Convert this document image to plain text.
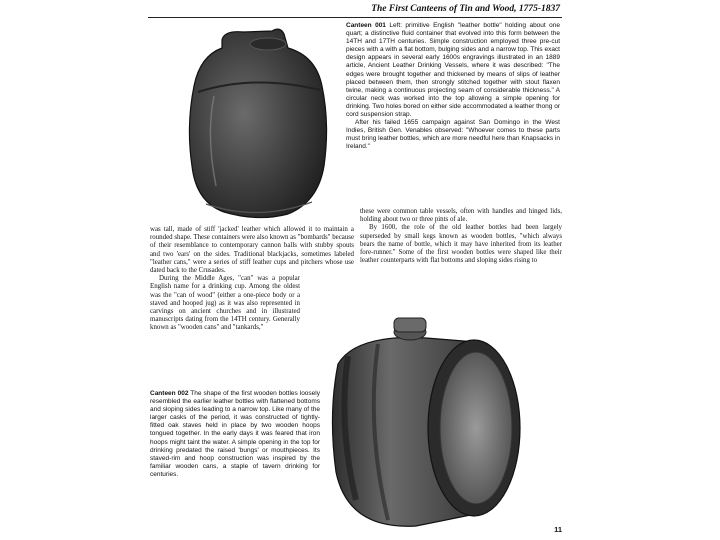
The First Canteens of Tin and Wood, 1775-1837

Canteen 001 Left: primitive English "leather bottle" holding about one quart; a distinctive fluid container that evolved into this form between the 14TH and 17TH centuries. Simple construction employed three pre-cut pieces with a with a flat bottom, bulging sides and a narrow top. This exact design appears in several early 1600s engravings illustrated in an 1889 article, Ancient Leather Drinking Vessels, where it was described: "The edges were brought together and thickened by means of slips of leather placed between them, then strongly stitched together with stout flaxen twine, making a continuous projecting seam of considerable thickness." A circular neck was worked into the top allowing a simple opening for drinking. Two holes bored on either side accommodated a leather thong or cord suspension strap.

After his failed 1655 campaign against San Domingo in the West Indies, British Gen. Venables observed: "Whoever comes to these parts must bring leather bottles, which are more needful here than Knapsacks in Ireland."

was tall, made of stiff 'jacked' leather which allowed it to maintain a rounded shape. These containers were also known as "bombards" because of their resemblance to contemporary cannon balls with stubby spouts and two 'ears' on the sides. Traditional blackjacks, sometimes labeled "leather cans," were a series of stiff leather cups and pitchers whose use dated back to the Crusades.

During the Middle Ages, "can" was a popular English name for a drinking cup. Among the oldest was the "can of wood" (either a one-piece body or a staved and hooped jug) as it was also represented in carvings on ancient churches and in illustrated manuscripts dating from the 14TH century. Generally known as "wooden cans" and "tankards,"

these were common table vessels, often with handles and hinged lids, holding about two or three pints of ale.

By 1600, the role of the old leather bottles had been largely superseded by small kegs known as wooden bottles, "which always bears the name of bottle, which it may have inherited from its leather fore-runner." Some of the first wooden bottles were shaped like their leather counterparts with flat bottoms and sloping sides rising to

Canteen 002 The shape of the first wooden bottles loosely resembled the earlier leather bottles with flattened bottoms and sloping sides leading to a narrow top. Like many of the larger casks of the period, it was constructed of tightly-fitted oak staves held in place by two wooden hoops tongued together. In the early days it was feared that iron hoops might taint the water. A simple opening in the top for drinking predated the raised 'bungs' or mouthpieces. Its staved-rim and hoop construction was inspired by the familiar wooden cans, a staple of tavern drinking for centuries.

11
